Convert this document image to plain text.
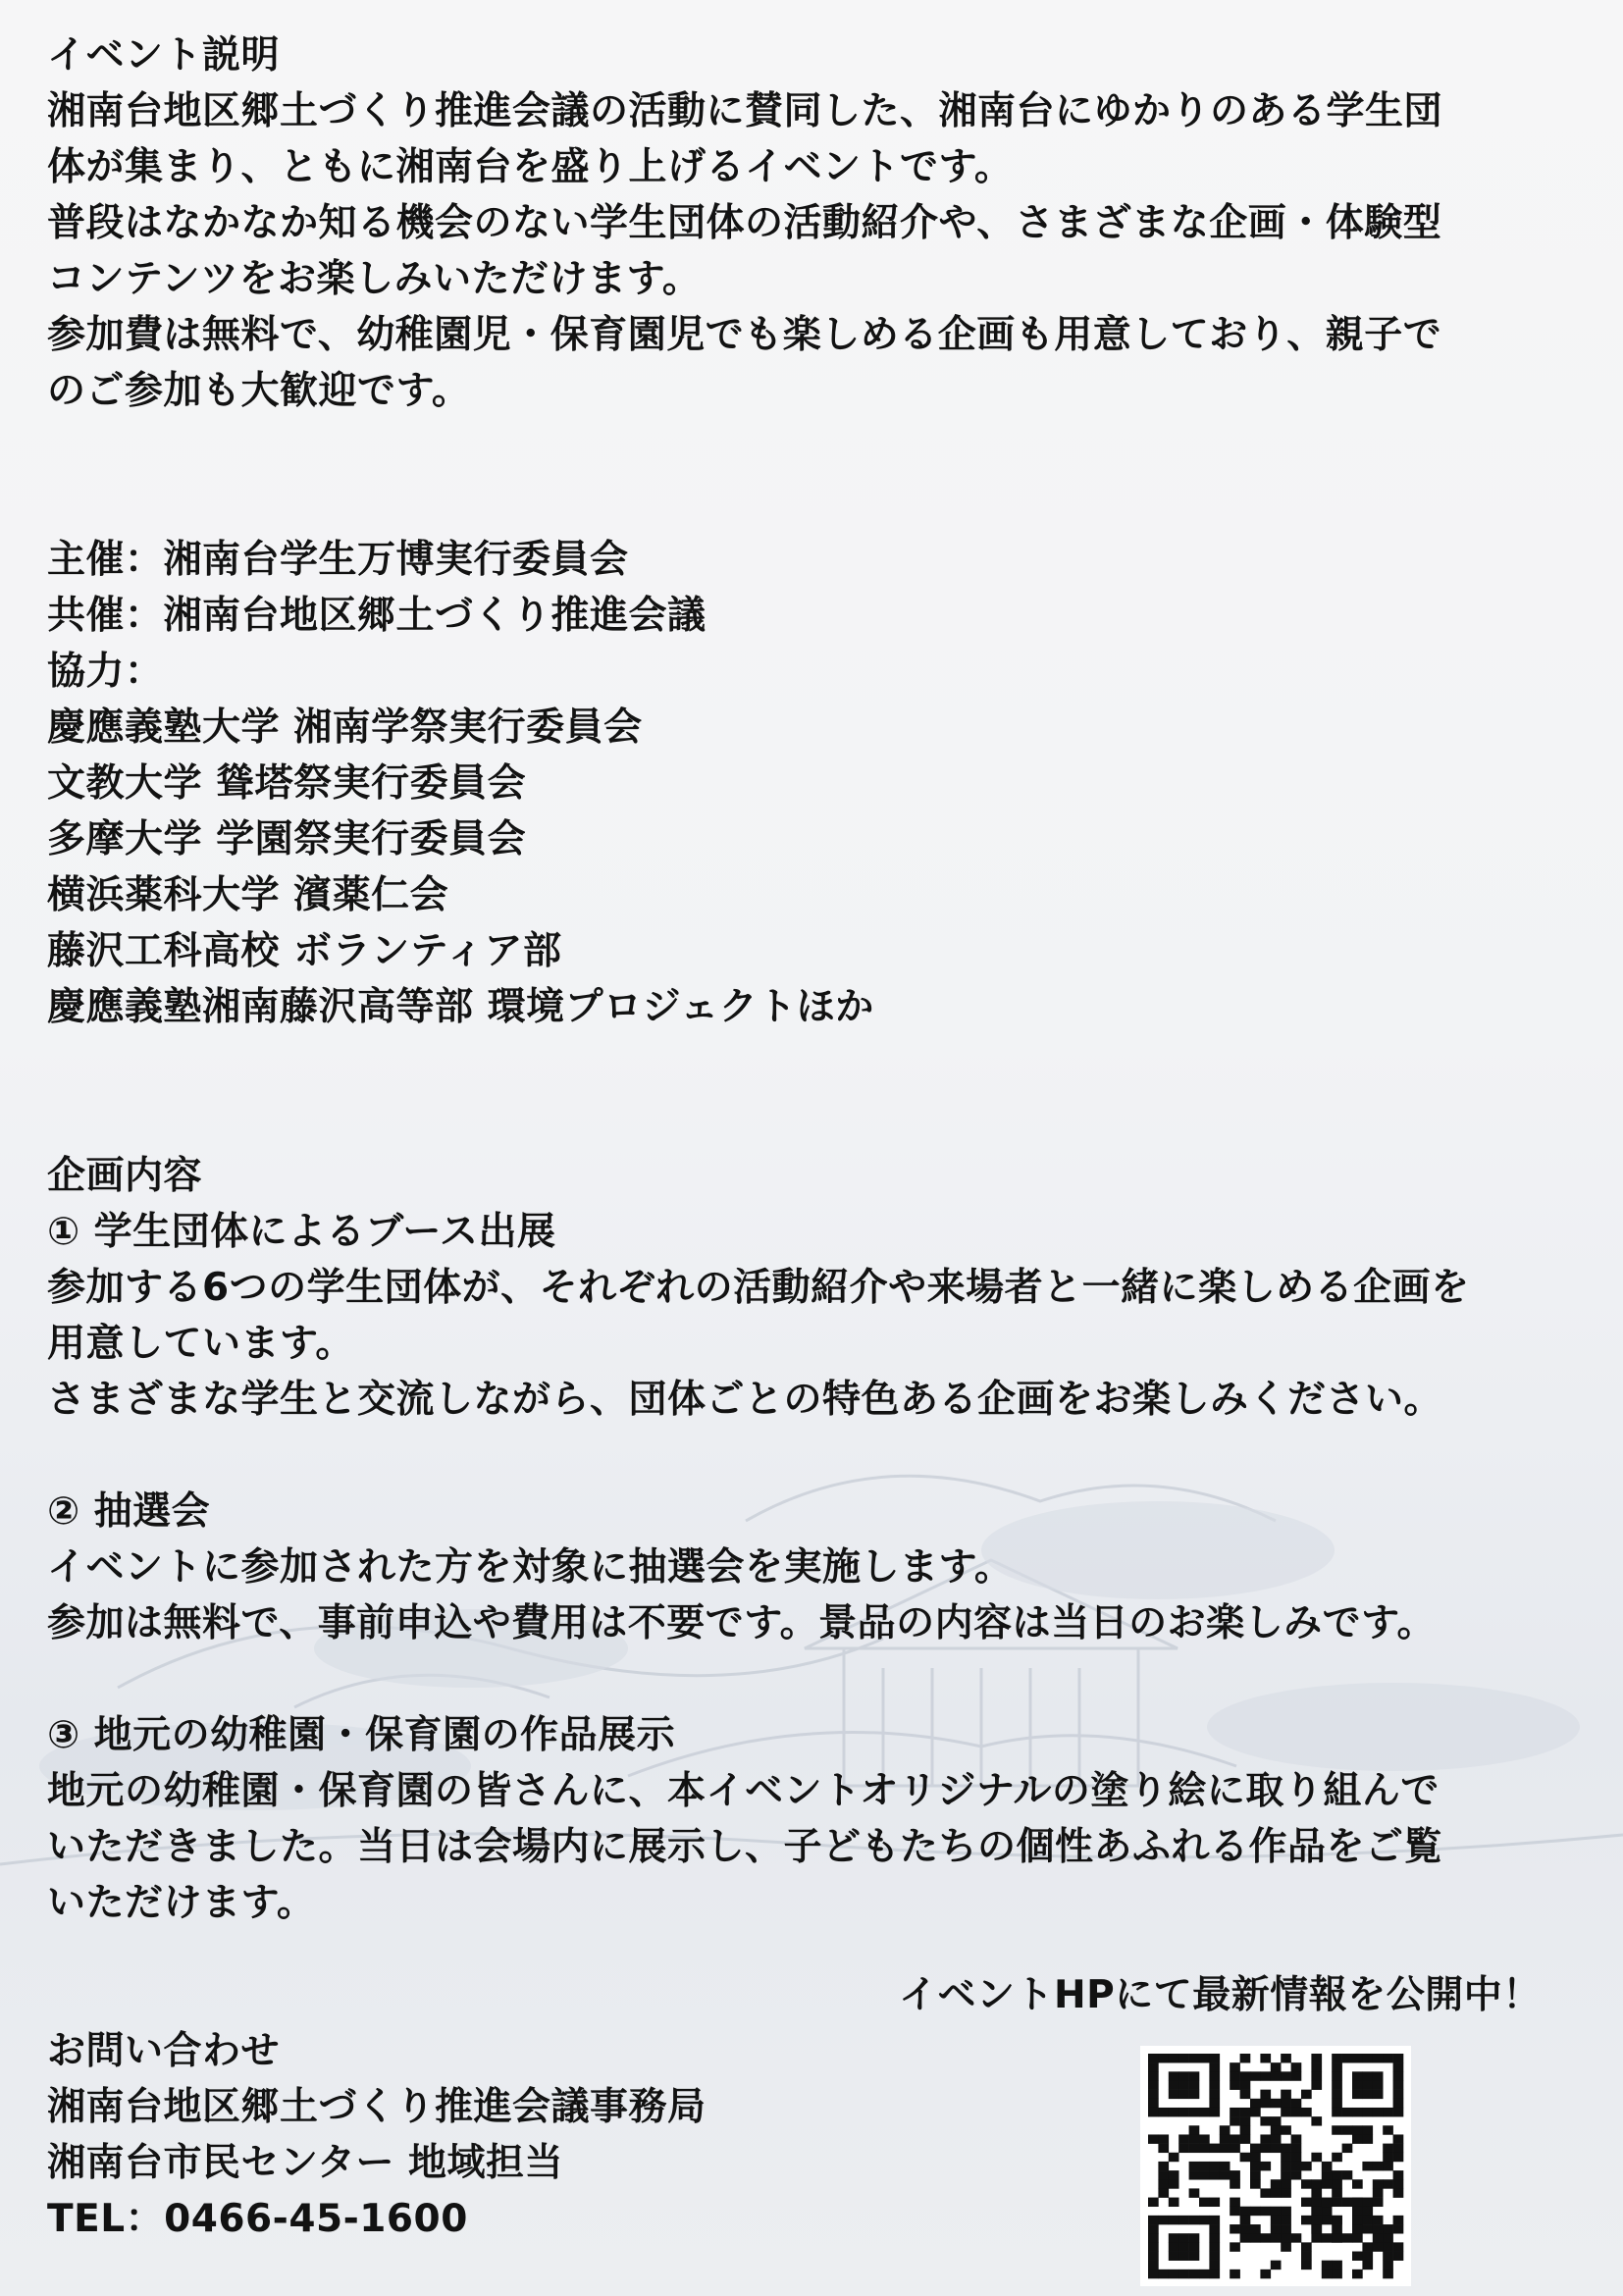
イベント説明
湘南台地区郷土づくり推進会議の活動に賛同した、湘南台にゆかりのある学生団
体が集まり、ともに湘南台を盛り上げるイベントです。
普段はなかなか知る機会のない学生団体の活動紹介や、さまざまな企画・体験型
コンテンツをお楽しみいただけます。
参加費は無料で、幼稚園児・保育園児でも楽しめる企画も用意しており、親子で
のご参加も大歓迎です。
主催：湘南台学生万博実行委員会
共催：湘南台地区郷土づくり推進会議
協力：
慶應義塾大学 湘南学祭実行委員会
文教大学 聳塔祭実行委員会
多摩大学 学園祭実行委員会
横浜薬科大学 濱薬仁会
藤沢工科高校 ボランティア部
慶應義塾湘南藤沢高等部 環境プロジェクトほか
企画内容
① 学生団体によるブース出展
参加する6つの学生団体が、それぞれの活動紹介や来場者と一緒に楽しめる企画を
用意しています。
さまざまな学生と交流しながら、団体ごとの特色ある企画をお楽しみください。
② 抽選会
イベントに参加された方を対象に抽選会を実施します。
参加は無料で、事前申込や費用は不要です。景品の内容は当日のお楽しみです。
③ 地元の幼稚園・保育園の作品展示
地元の幼稚園・保育園の皆さんに、本イベントオリジナルの塗り絵に取り組んで
いただきました。当日は会場内に展示し、子どもたちの個性あふれる作品をご覧
いただけます。
イベントHPにて最新情報を公開中！
お問い合わせ
湘南台地区郷土づくり推進会議事務局
湘南台市民センター 地域担当
TEL：0466-45-1600
